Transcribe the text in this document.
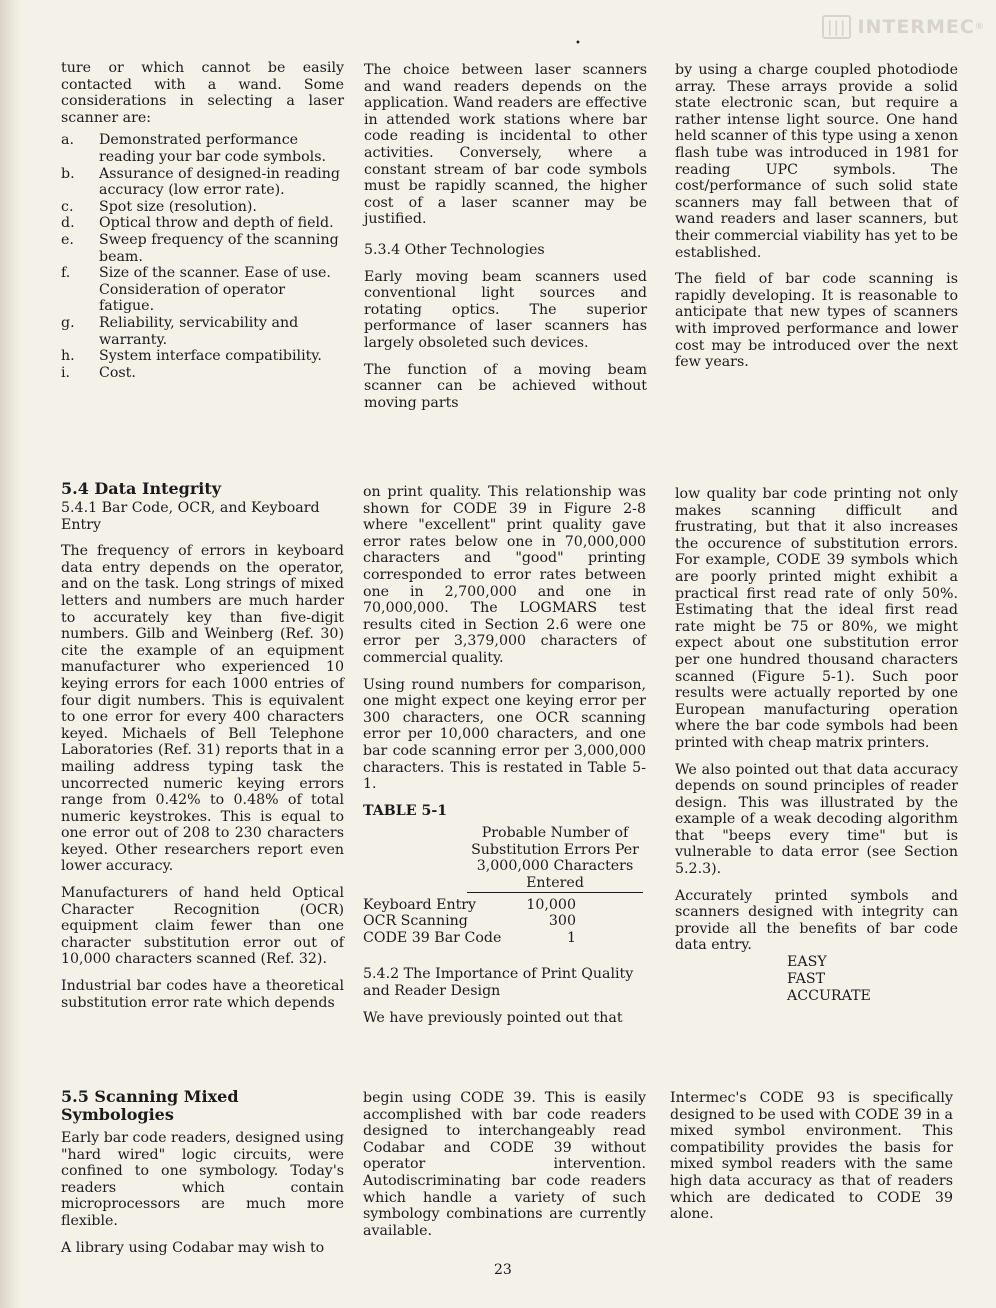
||| INTERMEC ®
•

ture or which cannot be easily contacted with a wand. Some considerations in selecting a laser scanner are:

a.	Demonstrated performance reading your bar code symbols.
b.	Assurance of designed-in reading accuracy (low error rate).
c.	Spot size (resolution).
d.	Optical throw and depth of field.
e.	Sweep frequency of the scanning beam.
f.	Size of the scanner. Ease of use. Consideration of operator fatigue.
g.	Reliability, servicability and warranty.
h.	System interface compatibility.
i.	Cost.

The choice between laser scanners and wand readers depends on the application. Wand readers are effective in attended work stations where bar code reading is incidental to other activities. Conversely, where a constant stream of bar code symbols must be rapidly scanned, the higher cost of a laser scanner may be justified.

5.3.4 Other Technologies

Early moving beam scanners used conventional light sources and rotating optics. The superior performance of laser scanners has largely obsoleted such devices.

The function of a moving beam scanner can be achieved without moving parts

by using a charge coupled photodiode array. These arrays provide a solid state electronic scan, but require a rather intense light source. One hand held scanner of this type using a xenon flash tube was introduced in 1981 for reading UPC symbols. The cost/performance of such solid state scanners may fall between that of wand readers and laser scanners, but their commercial viability has yet to be established.

The field of bar code scanning is rapidly developing. It is reasonable to anticipate that new types of scanners with improved performance and lower cost may be introduced over the next few years.

5.4 Data Integrity

5.4.1 Bar Code, OCR, and Keyboard Entry

The frequency of errors in keyboard data entry depends on the operator, and on the task. Long strings of mixed letters and numbers are much harder to accurately key than five-digit numbers. Gilb and Weinberg (Ref. 30) cite the example of an equipment manufacturer who experienced 10 keying errors for each 1000 entries of four digit numbers. This is equivalent to one error for every 400 characters keyed. Michaels of Bell Telephone Laboratories (Ref. 31) reports that in a mailing address typing task the uncorrected numeric keying errors range from 0.42% to 0.48% of total numeric keystrokes. This is equal to one error out of 208 to 230 characters keyed. Other researchers report even lower accuracy.

Manufacturers of hand held Optical Character Recognition (OCR) equipment claim fewer than one character substitution error out of 10,000 characters scanned (Ref. 32).

Industrial bar codes have a theoretical substitution error rate which depends

on print quality. This relationship was shown for CODE 39 in Figure 2-8 where "excellent" print quality gave error rates below one in 70,000,000 characters and "good" printing corresponded to error rates between one in 2,700,000 and one in 70,000,000. The LOGMARS test results cited in Section 2.6 were one error per 3,379,000 characters of commercial quality.

Using round numbers for comparison, one might expect one keying error per 300 characters, one OCR scanning error per 10,000 characters, and one bar code scanning error per 3,000,000 characters. This is restated in Table 5-1.

TABLE 5-1
Probable Number of
Substitution Errors Per
3,000,000 Characters
Entered
Keyboard Entry	10,000
OCR Scanning	300
CODE 39 Bar Code	1

5.4.2 The Importance of Print Quality and Reader Design

We have previously pointed out that

low quality bar code printing not only makes scanning difficult and frustrating, but that it also increases the occurence of substitution errors. For example, CODE 39 symbols which are poorly printed might exhibit a practical first read rate of only 50%. Estimating that the ideal first read rate might be 75 or 80%, we might expect about one substitution error per one hundred thousand characters scanned (Figure 5-1). Such poor results were actually reported by one European manufacturing operation where the bar code symbols had been printed with cheap matrix printers.

We also pointed out that data accuracy depends on sound principles of reader design. This was illustrated by the example of a weak decoding algorithm that "beeps every time" but is vulnerable to data error (see Section 5.2.3).

Accurately printed symbols and scanners designed with integrity can provide all the benefits of bar code data entry.

EASY
FAST
ACCURATE
5.5 Scanning Mixed Symbologies

Early bar code readers, designed using "hard wired" logic circuits, were confined to one symbology. Today's readers which contain microprocessors are much more flexible.

A library using Codabar may wish to

begin using CODE 39. This is easily accomplished with bar code readers designed to interchangeably read Codabar and CODE 39 without operator intervention. Autodiscriminating bar code readers which handle a variety of such symbology combinations are currently available.

Intermec's CODE 93 is specifically designed to be used with CODE 39 in a mixed symbol environment. This compatibility provides the basis for mixed symbol readers with the same high data accuracy as that of readers which are dedicated to CODE 39 alone.

23
